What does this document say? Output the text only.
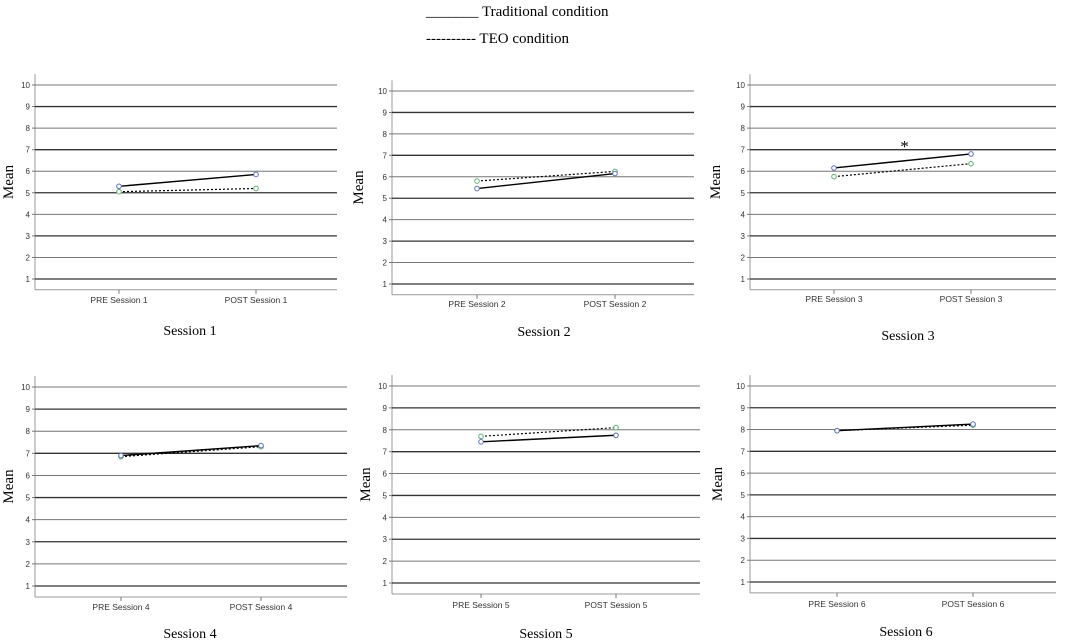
_______ Traditional condition
---------- TEO condition
1
2
3
4
5
6
7
8
9
10
PRE Session 1	POST Session 1
Mean
Session 1
1
2
3
4
5
6
7
8
9
10
PRE Session 2	POST Session 2
Mean
Session 2
1
2
3
4
5
6
7
8
9
10
PRE Session 3	POST Session 3
*
Mean
Session 3
1
2
3
4
5
6
7
8
9
10
PRE Session 4	POST Session 4
Mean
Session 4
1
2
3
4
5
6
7
8
9
10
PRE Session 5	POST Session 5
Mean
Session 5
1
2
3
4
5
6
7
8
9
10
PRE Session 6	POST Session 6
Mean
Session 6
